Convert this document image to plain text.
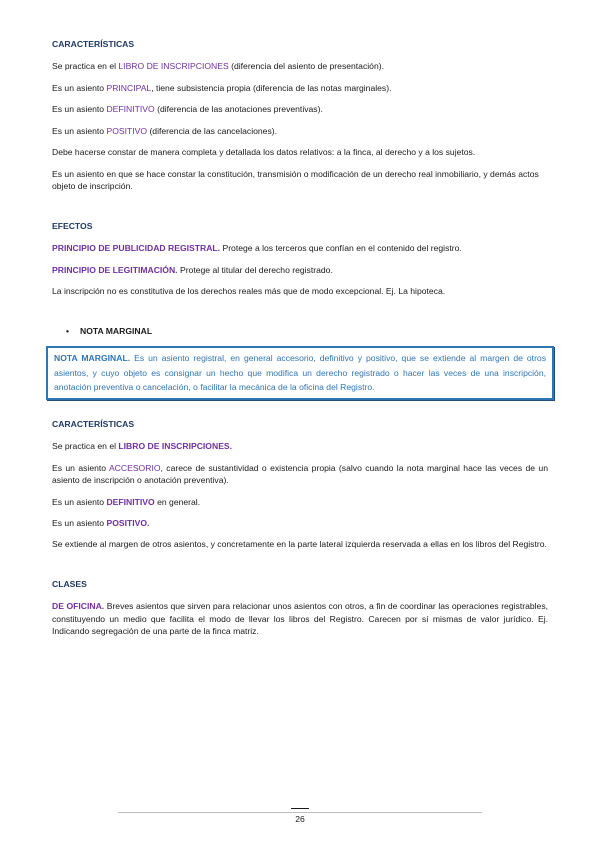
CARACTERÍSTICAS

Se practica en el LIBRO DE INSCRIPCIONES (diferencia del asiento de presentación).

Es un asiento PRINCIPAL, tiene subsistencia propia (diferencia de las notas marginales).

Es un asiento DEFINITIVO (diferencia de las anotaciones preventivas).

Es un asiento POSITIVO (diferencia de las cancelaciones).

Debe hacerse constar de manera completa y detallada los datos relativos: a la finca, al derecho y a los sujetos.

Es un asiento en que se hace constar la constitución, transmisión o modificación de un derecho real inmobiliario, y demás actos objeto de inscripción.

EFECTOS

PRINCIPIO DE PUBLICIDAD REGISTRAL. Protege a los terceros que confían en el contenido del registro.

PRINCIPIO DE LEGITIMACIÓN. Protege al titular del derecho registrado.

La inscripción no es constitutiva de los derechos reales más que de modo excepcional. Ej. La hipoteca.

• NOTA MARGINAL
NOTA MARGINAL. Es un asiento registral, en general accesorio, definitivo y positivo, que se extiende al margen de otros asientos, y cuyo objeto es consignar un hecho que modifica un derecho registrado o hacer las veces de una inscripción, anotación preventiva o cancelación, o facilitar la mecánica de la oficina del Registro.
CARACTERÍSTICAS

Se practica en el LIBRO DE INSCRIPCIONES.

Es un asiento ACCESORIO, carece de sustantividad o existencia propia (salvo cuando la nota marginal hace las veces de un asiento de inscripción o anotación preventiva).

Es un asiento DEFINITIVO en general.

Es un asiento POSITIVO.

Se extiende al margen de otros asientos, y concretamente en la parte lateral izquierda reservada a ellas en los libros del Registro.

CLASES

DE OFICINA. Breves asientos que sirven para relacionar unos asientos con otros, a fin de coordinar las operaciones registrables, constituyendo un medio que facilita el modo de llevar los libros del Registro. Carecen por sí mismas de valor jurídico. Ej. Indicando segregación de una parte de la finca matriz.

26
